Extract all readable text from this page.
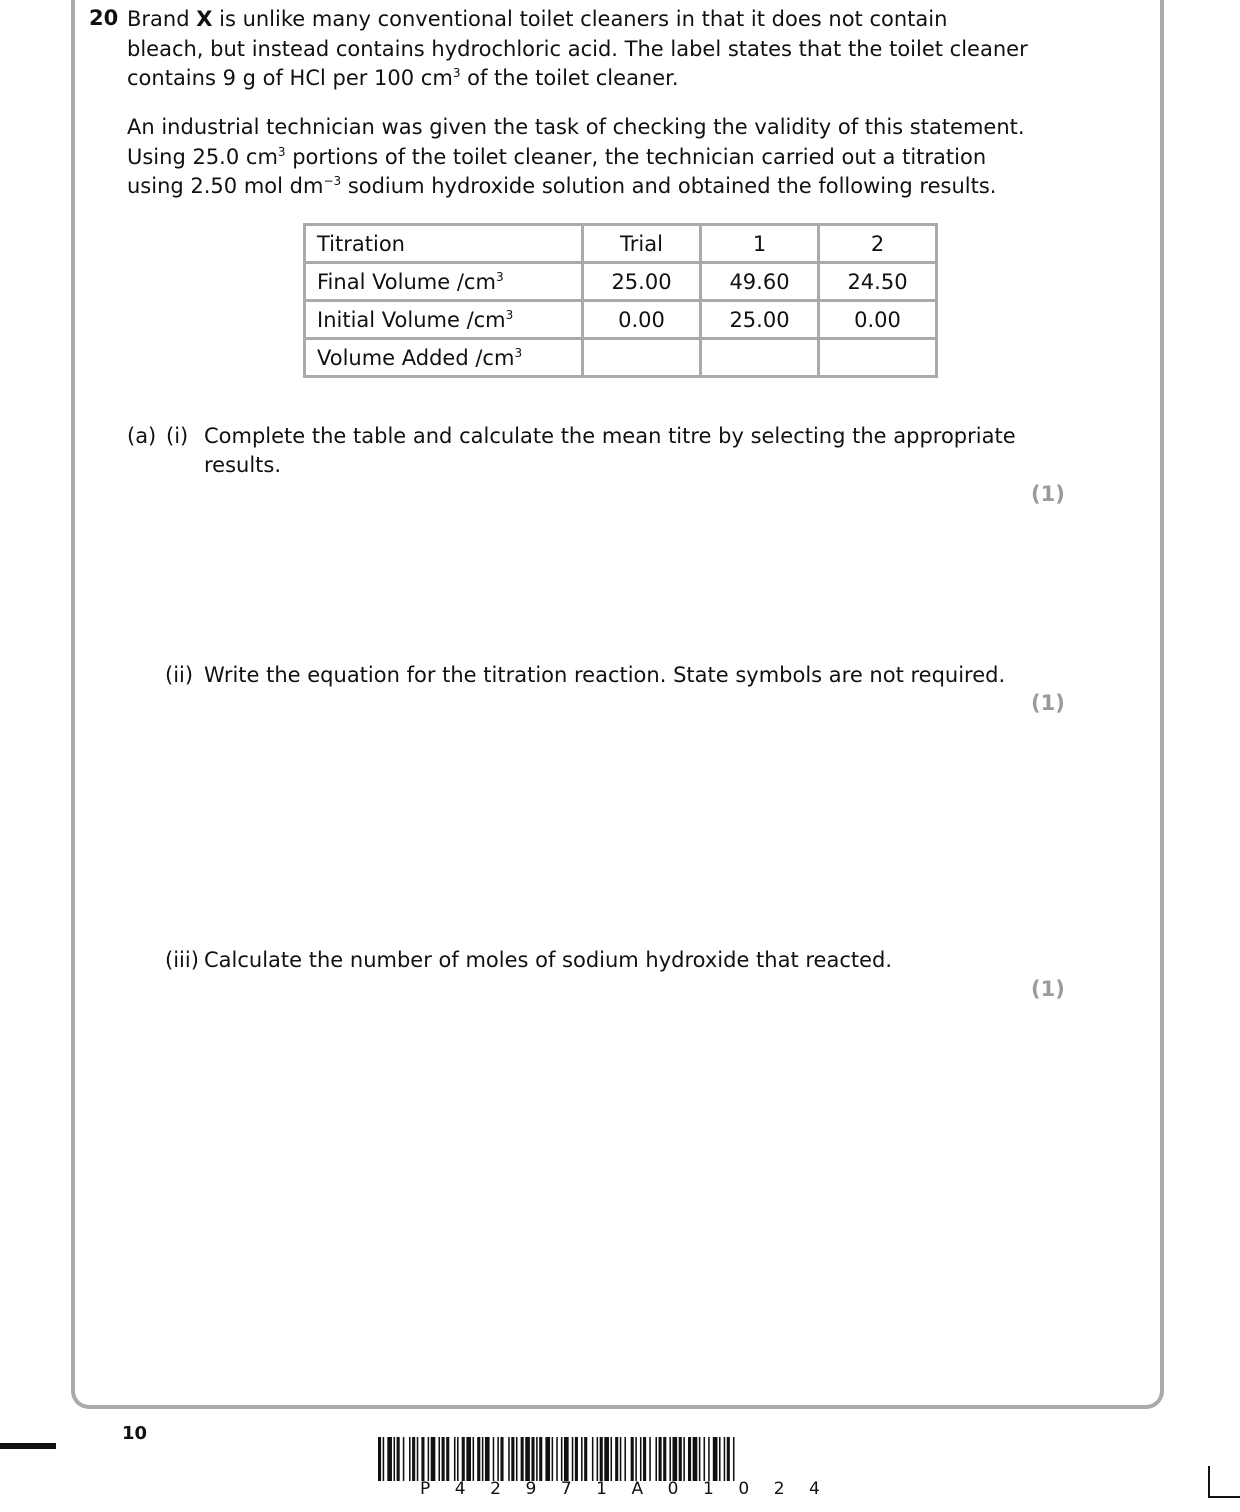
20 Brand X is unlike many conventional toilet cleaners in that it does not contain
bleach, but instead contains hydrochloric acid. The label states that the toilet cleaner
contains 9 g of HCl per 100 $cm^3$ of the toilet cleaner.
An industrial technician was given the task of checking the validity of this statement.
Using 25.0 $cm^3$ portions of the toilet cleaner, the technician carried out a titration
using 2.50 mol $dm^{-3}$ sodium hydroxide solution and obtained the following results.
Titration	Trial	1	2
Final Volume $/cm^3$	25.00	49.60	24.50
Initial Volume $/cm^3$	0.00	25.00	0.00
Volume Added $/cm^3$			
(a) (i) Complete the table and calculate the mean titre by selecting the appropriate
results.
(1)
(ii) Write the equation for the titration reaction. State symbols are not required.
(1)
(iii) Calculate the number of moles of sodium hydroxide that reacted.
(1)
10
P 4 2 9 7 1 A 0 1 0 2 4
